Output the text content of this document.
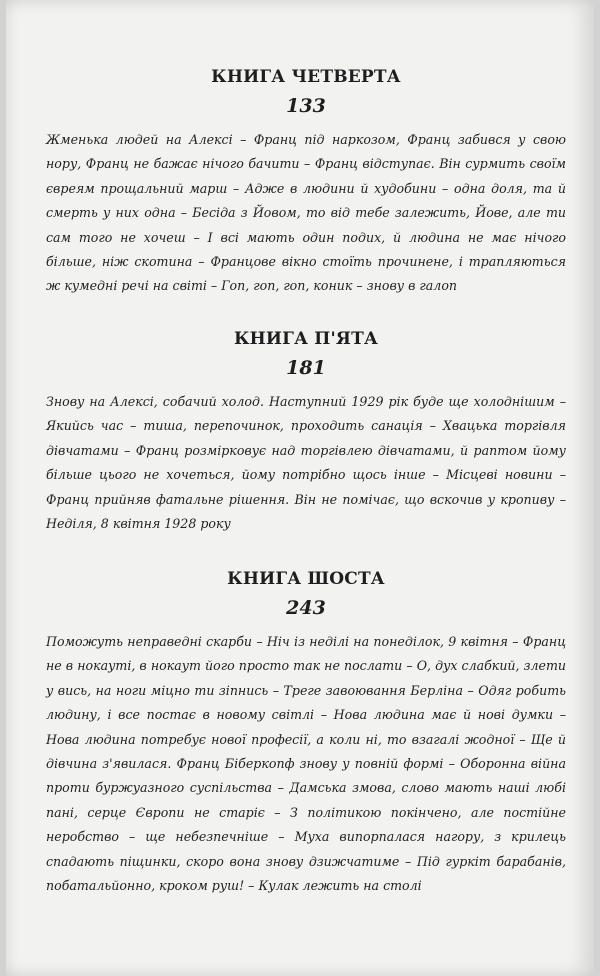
КНИГА ЧЕТВЕРТА
133

Жменька людей на Алексі – Франц під наркозом, Франц забився у свою нору, Франц не бажає нічого бачити – Франц відступає. Він сурмить своїм євреям прощальний марш – Адже в людини й худобини – одна доля, та й смерть у них одна – Бесіда з Йовом, то від тебе залежить, Йове, але ти сам того не хочеш – І всі мають один подих, й людина не має нічого більше, ніж скотина – Францове вікно стоїть прочинене, і трапляються ж кумедні речі на світі – Гоп, гоп, гоп, коник – знову в галоп

КНИГА П'ЯТА
181

Знову на Алексі, собачий холод. Наступний 1929 рік буде ще холоднішим – Якийсь час – тиша, перепочинок, проходить санація – Хвацька торгівля дівчатами – Франц розмірковує над торгівлею дівчатами, й раптом йому більше цього не хочеться, йому потрібно щось інше – Місцеві новини – Франц прийняв фатальне рішення. Він не помічає, що вскочив у кропиву – Неділя, 8 квітня 1928 року

КНИГА ШОСТА
243

Поможуть неправедні скарби – Ніч із неділі на понеділок, 9 квітня – Франц не в нокауті, в нокаут його просто так не послати – О, дух слабкий, злети у вись, на ноги міцно ти зіпнись – Треге завоювання Берліна – Одяг робить людину, і все постає в новому світлі – Нова людина має й нові думки – Нова людина потребує нової професії, а коли ні, то взагалі жодної – Ще й дівчина з'явилася. Франц Біберкопф знову у повній формі – Оборонна війна проти буржуазного суспільства – Дамська змова, слово мають наші любі пані, серце Європи не старіє – З політикою покінчено, але постійне неробство – ще небезпечніше – Муха випорпалася нагору, з крилець спадають піщинки, скоро вона знову дзижчатиме – Під гуркіт барабанів, побатальйонно, кроком руш! – Кулак лежить на столі
